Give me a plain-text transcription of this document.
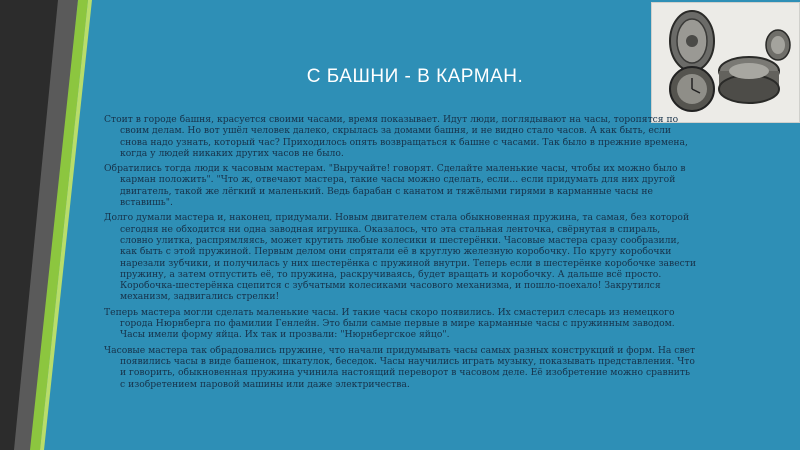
С БАШНИ - В КАРМАН.

Стоит в городе башня, красуется своими часами, время показывает. Идут люди, поглядывают на часы, торопятся по своим делам. Но вот ушёл человек далеко, скрылась за домами башня, и не видно стало часов. А как быть, если снова надо узнать, который час? Приходилось опять возвращаться к башне с часами. Так было в прежние времена, когда у людей никаких других часов не было.

Обратились тогда люди к часовым мастерам. "Выручайте! говорят. Сделайте маленькие часы, чтобы их можно было в карман положить". "Что ж, отвечают мастера, такие часы можно сделать, если... если придумать для них другой двигатель, такой же лёгкий и маленький. Ведь барабан с канатом и тяжёлыми гирями в карманные часы не вставишь".

Долго думали мастера и, наконец, придумали. Новым двигателем стала обыкновенная пружина, та самая, без которой сегодня не обходится ни одна заводная игрушка. Оказалось, что эта стальная ленточка, свёрнутая в спираль, словно улитка, распрямляясь, может крутить любые колесики и шестерёнки. Часовые мастера сразу сообразили, как быть с этой пружиной. Первым делом они спрятали её в круглую железную коробочку. По кругу коробочки нарезали зубчики, и получилась у них шестерёнка с пружиной внутри. Теперь если в шестерёнке коробочке завести пружину, а затем отпустить её, то пружина, раскручиваясь, будет вращать и коробочку. А дальше всё просто. Коробочка-шестерёнка сцепится с зубчатыми колесиками часового механизма, и пошло-поехало! Закрутился механизм, задвигались стрелки!

Теперь мастера могли сделать маленькие часы. И такие часы скоро появились. Их смастерил слесарь из немецкого города Нюрнберга по фамилии Генлейн. Это были самые первые в мире карманные часы с пружинным заводом. Часы имели форму яйца. Их так и прозвали: "Нюрнбергское яйцо".

Часовые мастера так обрадовались пружине, что начали придумывать часы самых разных конструкций и форм. На свет появились часы в виде башенок, шкатулок, беседок. Часы научились играть музыку, показывать представления. Что и говорить, обыкновенная пружина учинила настоящий переворот в часовом деле. Её изобретение можно сравнить с изобретением паровой машины или даже электричества.
